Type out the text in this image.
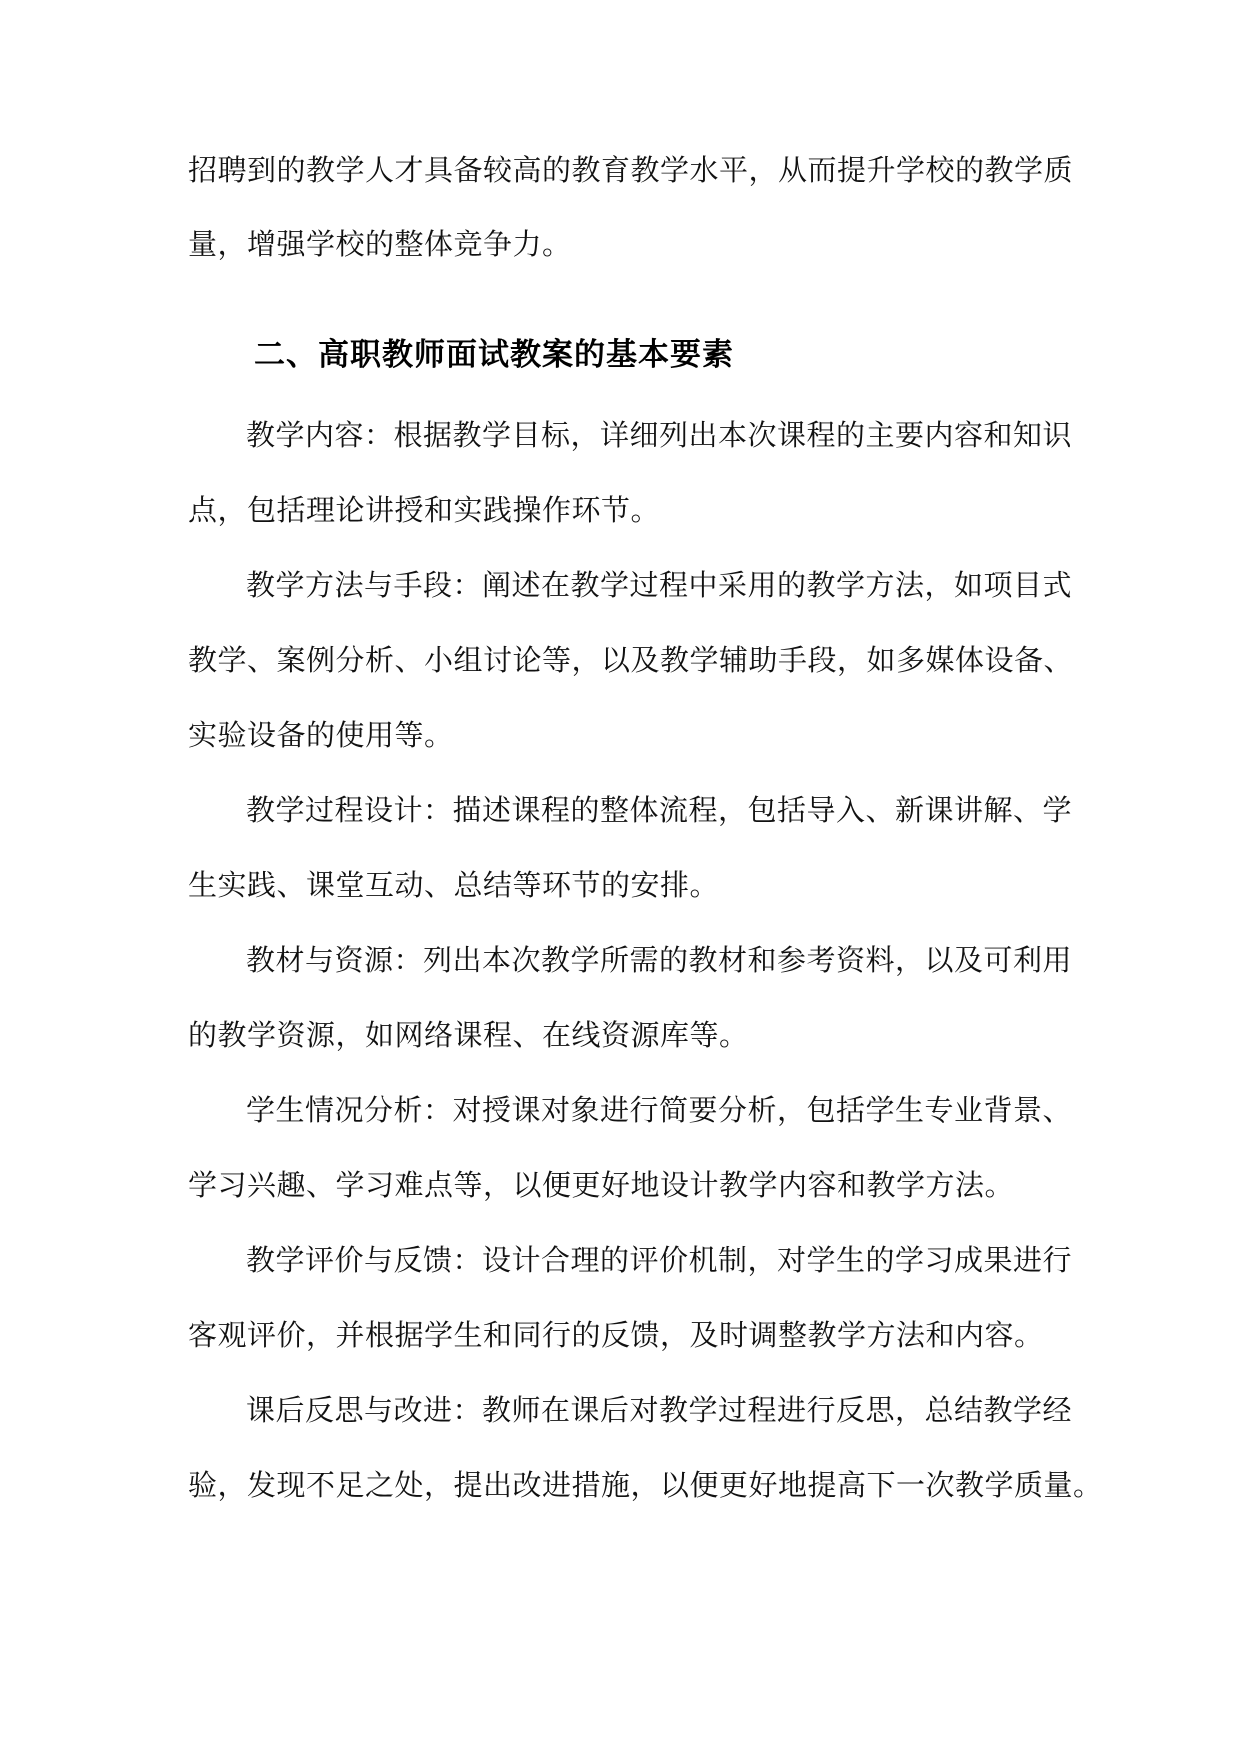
招聘到的教学人才具备较高的教育教学水平，从而提升学校的教学质
量，增强学校的整体竞争力。
二、高职教师面试教案的基本要素
教学内容：根据教学目标，详细列出本次课程的主要内容和知识
点，包括理论讲授和实践操作环节。
教学方法与手段：阐述在教学过程中采用的教学方法，如项目式
教学、案例分析、小组讨论等，以及教学辅助手段，如多媒体设备、
实验设备的使用等。
教学过程设计：描述课程的整体流程，包括导入、新课讲解、学
生实践、课堂互动、总结等环节的安排。
教材与资源：列出本次教学所需的教材和参考资料，以及可利用
的教学资源，如网络课程、在线资源库等。
学生情况分析：对授课对象进行简要分析，包括学生专业背景、
学习兴趣、学习难点等，以便更好地设计教学内容和教学方法。
教学评价与反馈：设计合理的评价机制，对学生的学习成果进行
客观评价，并根据学生和同行的反馈，及时调整教学方法和内容。
课后反思与改进：教师在课后对教学过程进行反思，总结教学经
验，发现不足之处，提出改进措施，以便更好地提高下一次教学质量。
